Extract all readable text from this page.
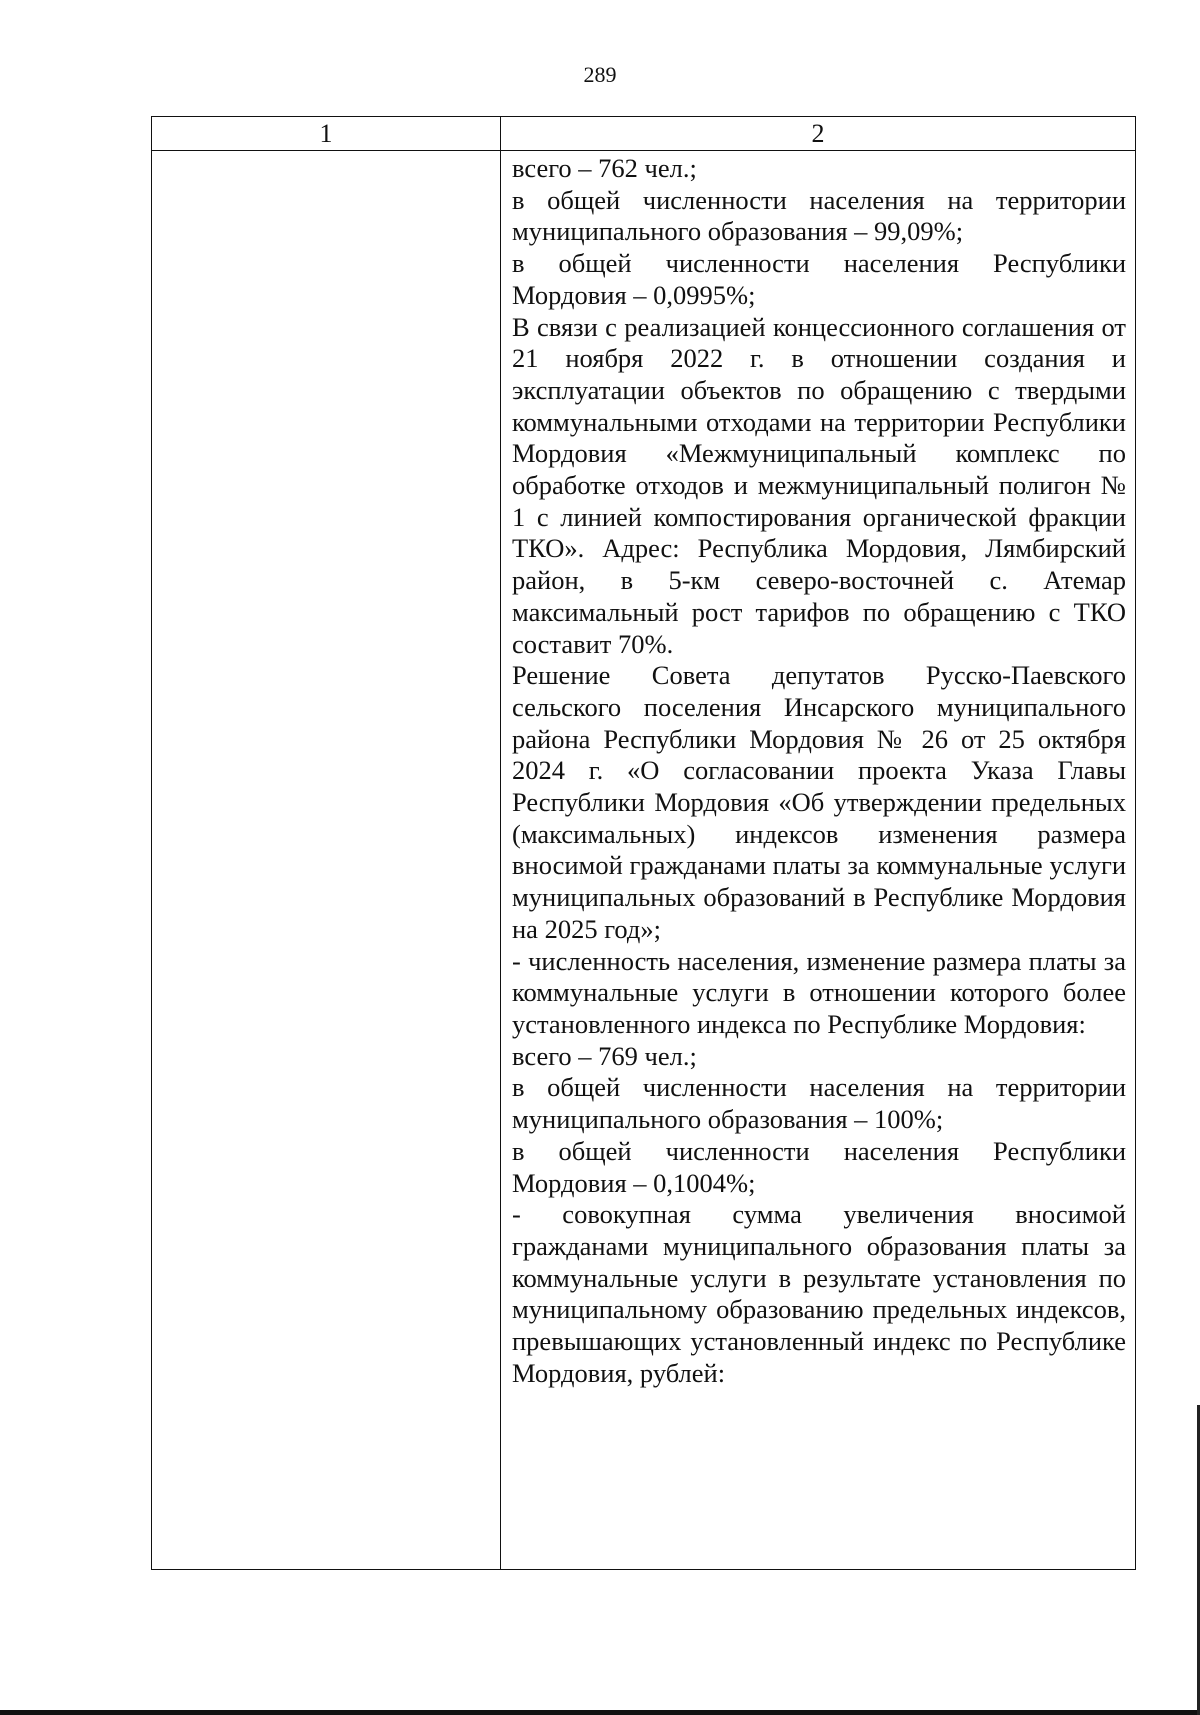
289
1	2

всего – 762 чел.;

в общей численности населения на территории муниципального образования – 99,09%;

в общей численности населения Республики Мордовия – 0,0995%;

В связи с реализацией концессионного соглашения от 21 ноября 2022 г. в отношении создания и эксплуатации объектов по обращению с твердыми коммунальными отходами на территории Республики Мордовия «Межмуниципальный комплекс по обработке отходов и межмуниципальный полигон № 1 с линией компостирования органической фракции ТКО». Адрес: Республика Мордовия, Лямбирский район, в 5-км северо-восточней с. Атемар максимальный рост тарифов по обращению с ТКО составит 70%.

Решение Совета депутатов Русско-Паевского сельского поселения Инсарского муниципального района Республики Мордовия № 26 от 25 октября 2024 г. «О согласовании проекта Указа Главы Республики Мордовия «Об утверждении предельных (максимальных) индексов изменения размера вносимой гражданами платы за коммунальные услуги муниципальных образований в Республике Мордовия на 2025 год»;

- численность населения, изменение размера платы за коммунальные услуги в отношении которого более установленного индекса по Республике Мордовия:

всего – 769 чел.;

в общей численности населения на территории муниципального образования – 100%;

в общей численности населения Республики Мордовия – 0,1004%;

- совокупная сумма увеличения вносимой гражданами муниципального образования платы за коммунальные услуги в результате установления по муниципальному образованию предельных индексов, превышающих установленный индекс по Республике Мордовия, рублей:
